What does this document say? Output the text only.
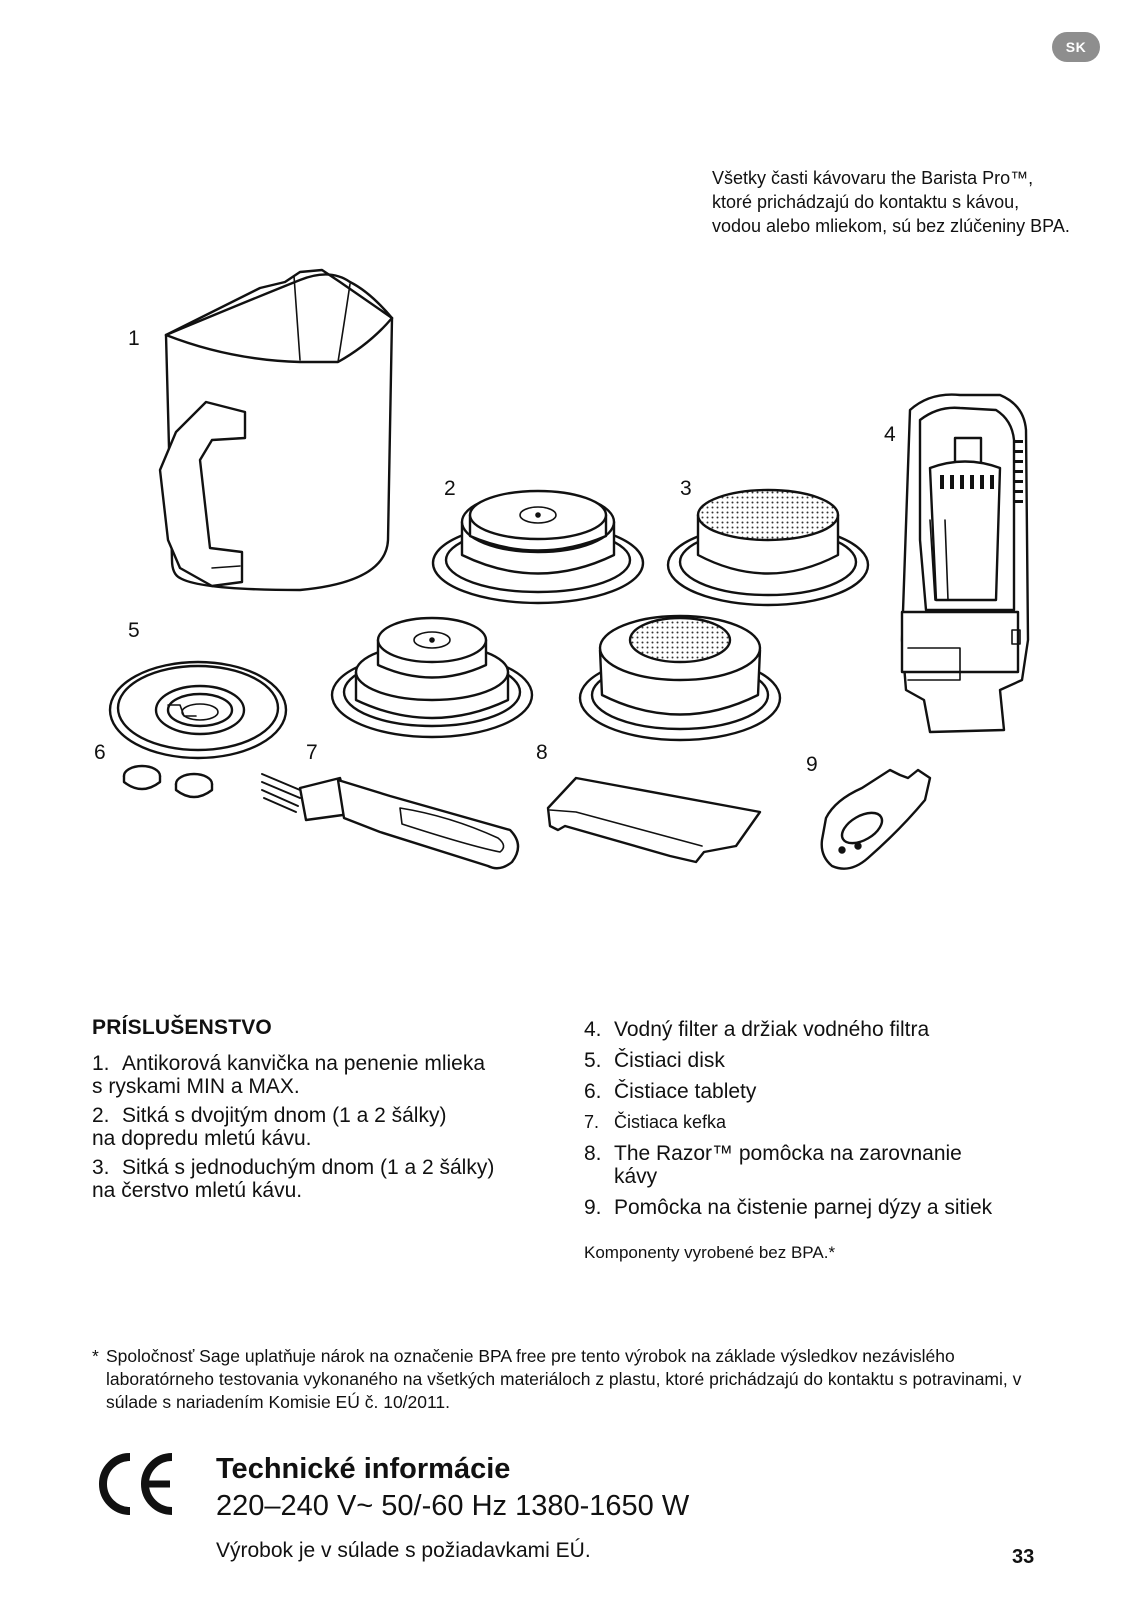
SK
Všetky časti kávovaru the Barista Pro™, ktoré prichádzajú do kontaktu s kávou, vodou alebo mliekom, sú bez zlúčeniny BPA.
1
2	3
4
5
6	7	8
9
PRÍSLUŠENSTVO
1. Antikorová kanvička na penenie mlieka
s ryskami MIN a MAX.
2. Sitká s dvojitým dnom (1 a 2 šálky)
na dopredu mletú kávu.
3. Sitká s jednoduchým dnom (1 a 2 šálky)
na čerstvo mletú kávu.
4. Vodný filter a držiak vodného filtra
5. Čistiaci disk
6. Čistiace tablety
7. Čistiaca kefka
8. The Razor™ pomôcka na zarovnanie kávy
9. Pomôcka na čistenie parnej dýzy a sitiek
Komponenty vyrobené bez BPA.*
* Spoločnosť Sage uplatňuje nárok na označenie BPA free pre tento výrobok na základe výsledkov nezávislého laboratórneho testovania vykonaného na všetkých materiáloch z plastu, ktoré prichádzajú do kontaktu s potravinami, v súlade s nariadením Komisie EÚ č. 10/2011.
Technické informácie
220–240 V~ 50/-60 Hz 1380-1650 W
Výrobok je v súlade s požiadavkami EÚ.	33
